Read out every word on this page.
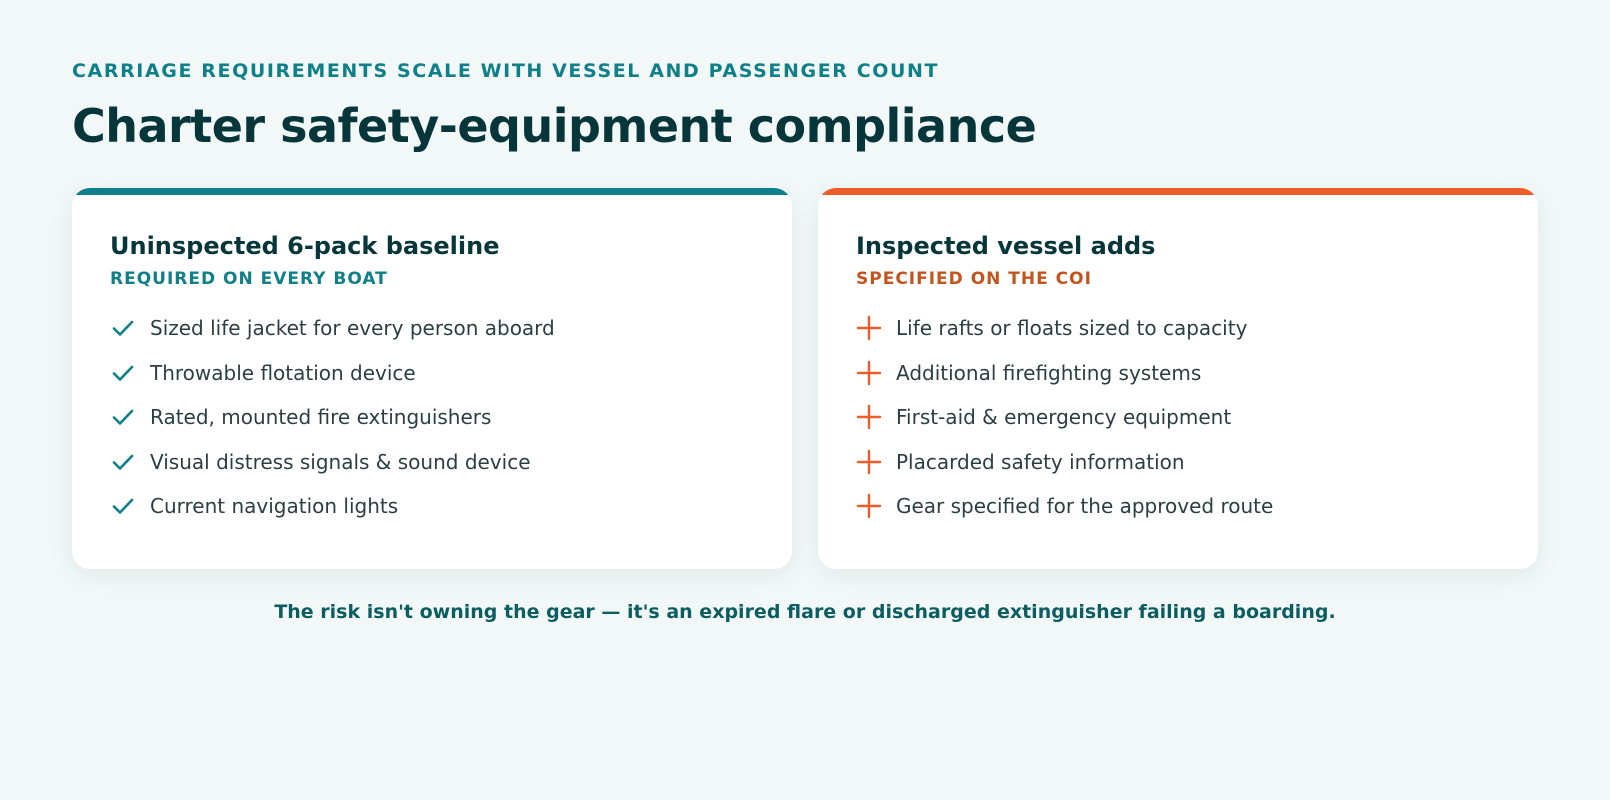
CARRIAGE REQUIREMENTS SCALE WITH VESSEL AND PASSENGER COUNT
Charter safety-equipment compliance
Uninspected 6-pack baseline
REQUIRED ON EVERY BOAT
Sized life jacket for every person aboard
Throwable flotation device
Rated, mounted fire extinguishers
Visual distress signals & sound device
Current navigation lights
Inspected vessel adds
SPECIFIED ON THE COI
Life rafts or floats sized to capacity
Additional firefighting systems
First-aid & emergency equipment
Placarded safety information
Gear specified for the approved route

The risk isn't owning the gear — it's an expired flare or discharged extinguisher failing a boarding.
